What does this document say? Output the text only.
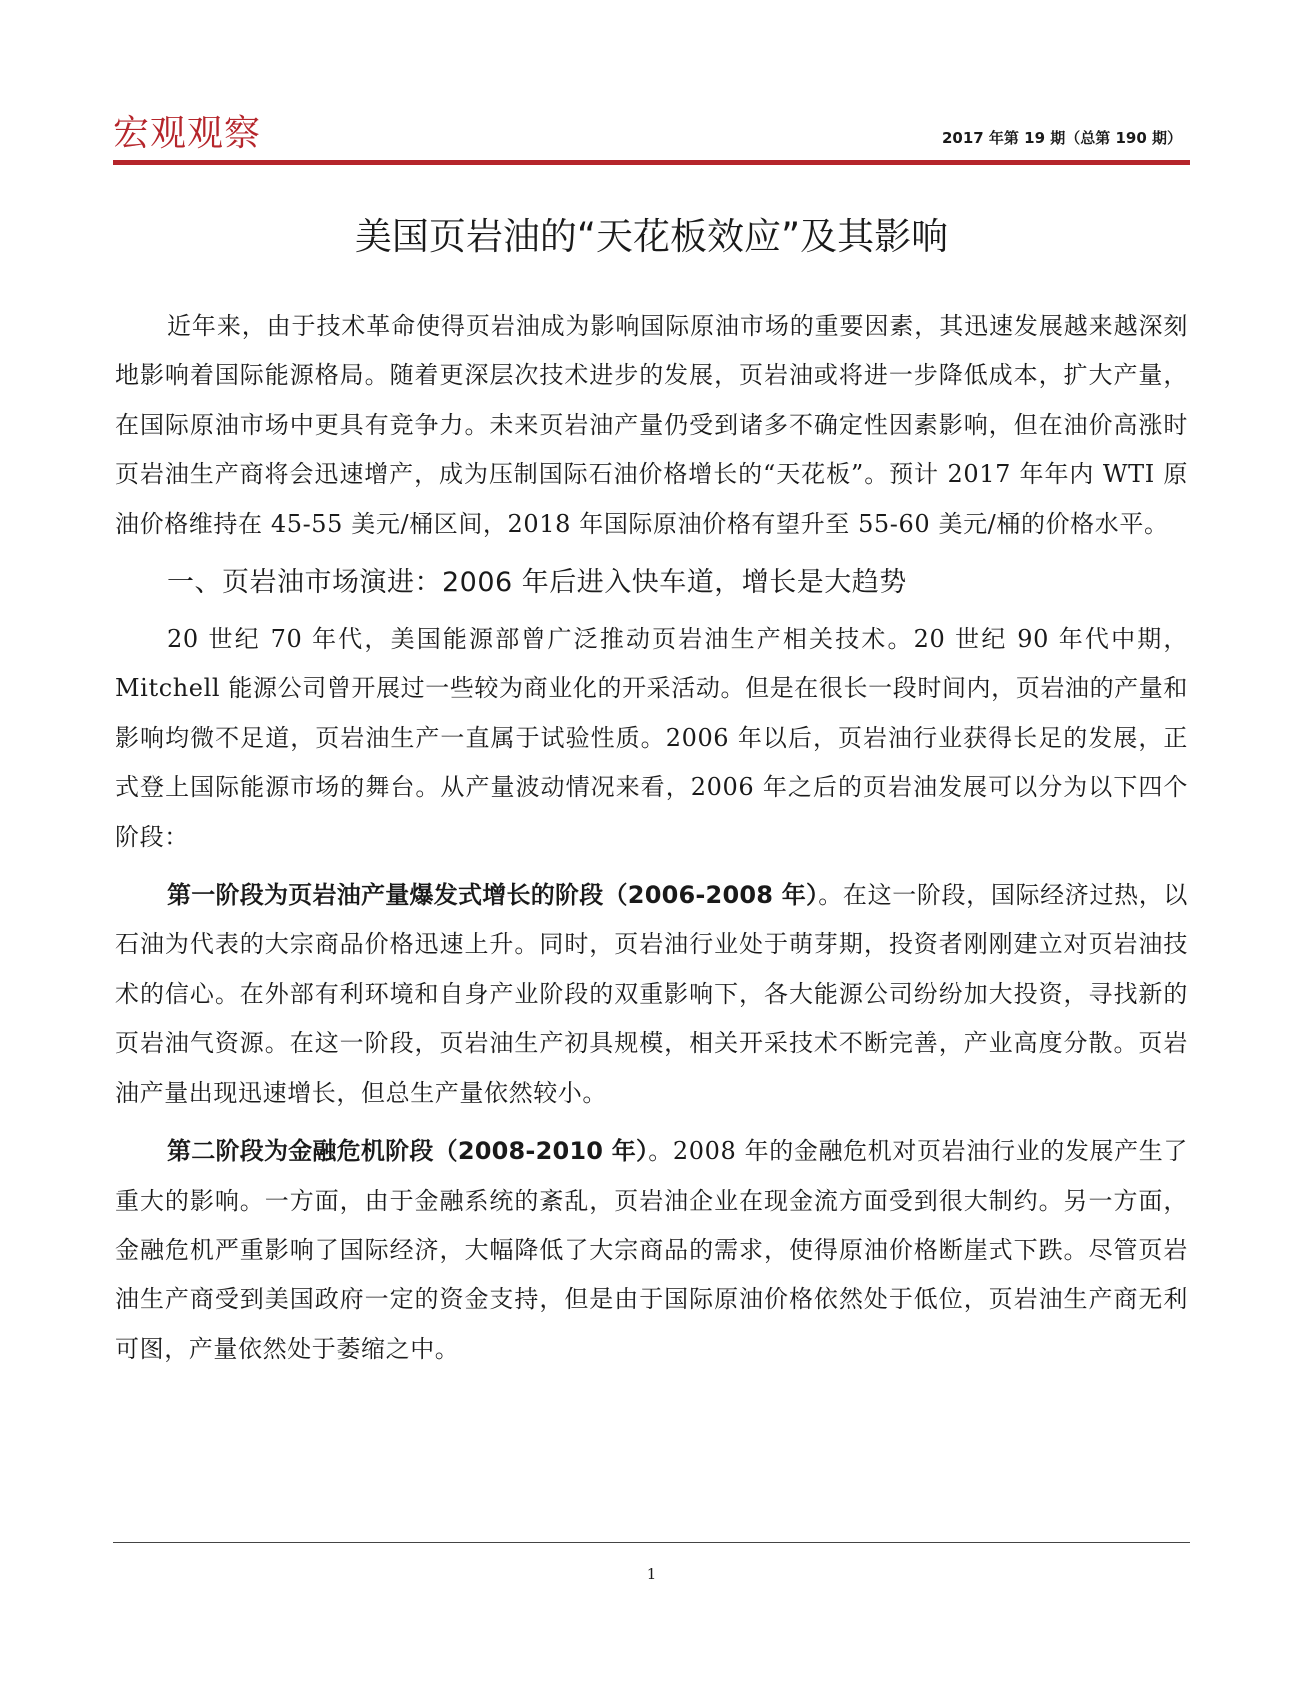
宏观观察	2017 年第 19 期（总第 190 期）
美国页岩油的“天花板效应”及其影响

近年来，由于技术革命使得页岩油成为影响国际原油市场的重要因素，其迅速发展越来越深刻地影响着国际能源格局。随着更深层次技术进步的发展，页岩油或将进一步降低成本，扩大产量，在国际原油市场中更具有竞争力。未来页岩油产量仍受到诸多不确定性因素影响，但在油价高涨时页岩油生产商将会迅速增产，成为压制国际石油价格增长的“天花板”。预计 2017 年年内 WTI 原油价格维持在 45-55 美元/桶区间，2018 年国际原油价格有望升至 55-60 美元/桶的价格水平。

一、页岩油市场演进：2006 年后进入快车道，增长是大趋势

20 世纪 70 年代，美国能源部曾广泛推动页岩油生产相关技术。20 世纪 90 年代中期，Mitchell 能源公司曾开展过一些较为商业化的开采活动。但是在很长一段时间内，页岩油的产量和影响均微不足道，页岩油生产一直属于试验性质。2006 年以后，页岩油行业获得长足的发展，正式登上国际能源市场的舞台。从产量波动情况来看，2006 年之后的页岩油发展可以分为以下四个阶段：

第一阶段为页岩油产量爆发式增长的阶段（2006-2008 年）。在这一阶段，国际经济过热，以石油为代表的大宗商品价格迅速上升。同时，页岩油行业处于萌芽期，投资者刚刚建立对页岩油技术的信心。在外部有利环境和自身产业阶段的双重影响下，各大能源公司纷纷加大投资，寻找新的页岩油气资源。在这一阶段，页岩油生产初具规模，相关开采技术不断完善，产业高度分散。页岩油产量出现迅速增长，但总生产量依然较小。

第二阶段为金融危机阶段（2008-2010 年）。2008 年的金融危机对页岩油行业的发展产生了重大的影响。一方面，由于金融系统的紊乱，页岩油企业在现金流方面受到很大制约。另一方面，金融危机严重影响了国际经济，大幅降低了大宗商品的需求，使得原油价格断崖式下跌。尽管页岩油生产商受到美国政府一定的资金支持，但是由于国际原油价格依然处于低位，页岩油生产商无利可图，产量依然处于萎缩之中。

1
